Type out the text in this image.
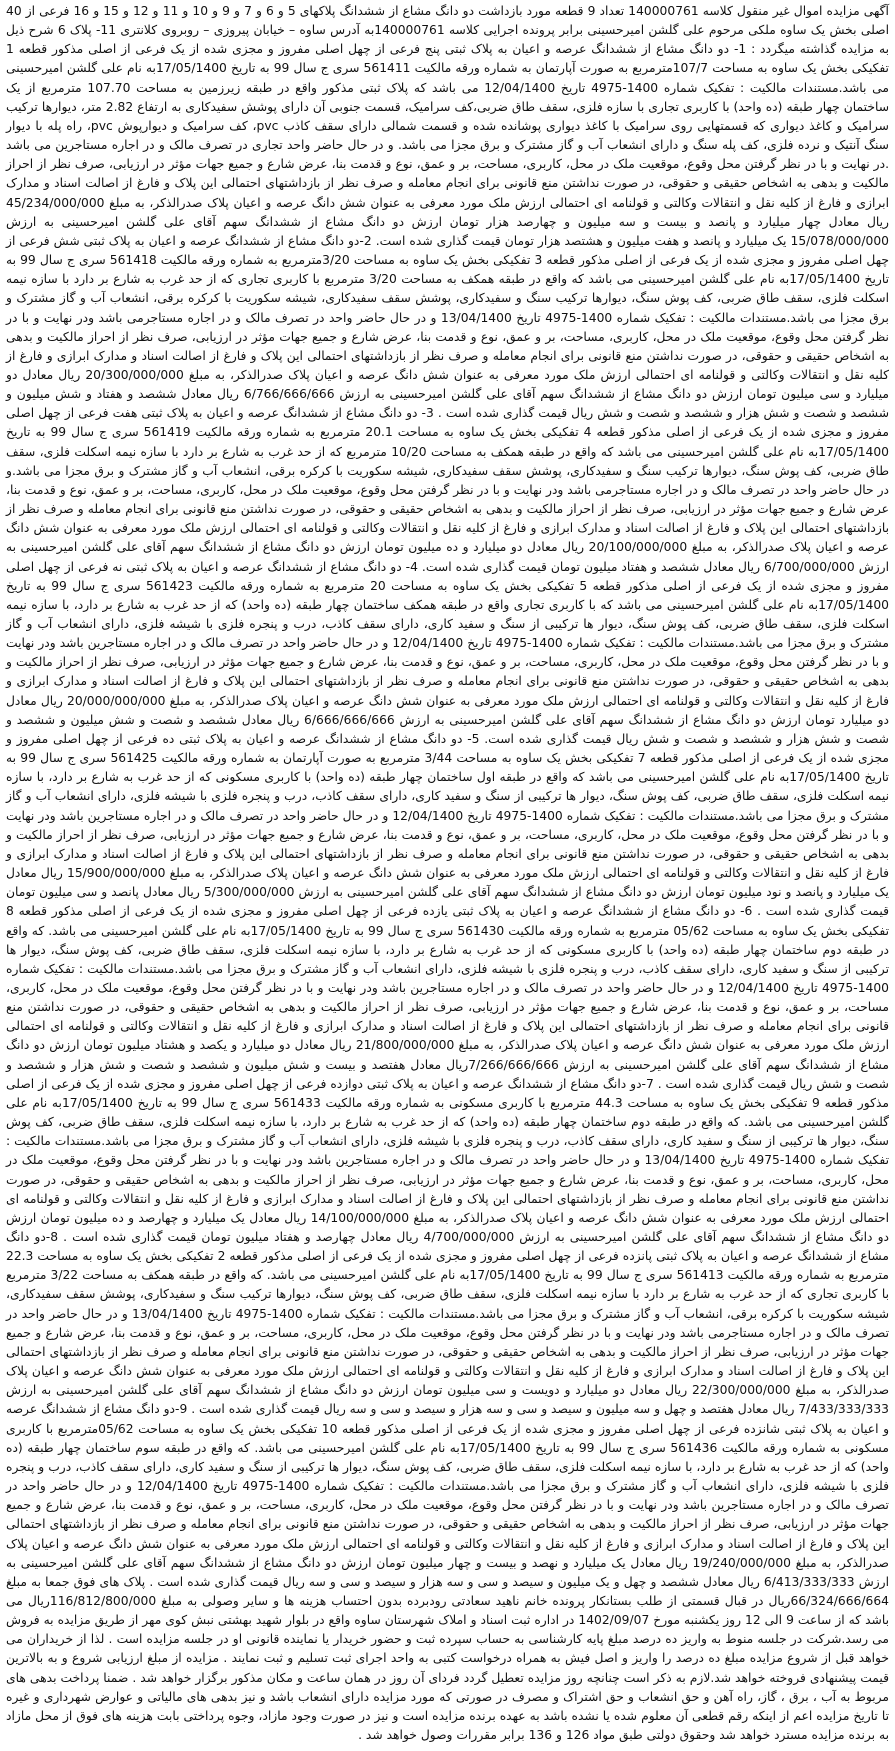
آگهی مزایده اموال غیر منقول کلاسه 140000761 تعداد 9 قطعه مورد بازداشت دو دانگ مشاع از ششدانگ پلاکهای 5 و 6 و 7 و 9 و 10 و 11 و 12 و 15 و 16 فرعی از 40 اصلی بخش یک ساوه ملکی مرحوم علی گلشن امیرحسینی برابر پرونده اجرایی کلاسه 140000761به آدرس ساوه – خیابان پیروزی – روبروی کلانتری 11- پلاک 6 شرح ذیل به مزایده گذاشته میگردد : 1- دو دانگ مشاع از ششدانگ عرصه و اعیان به پلاک ثبتی پنج فرعی از چهل اصلی مفروز و مجزی شده از یک فرعی از اصلی مذکور قطعه 1 تفکیکی بخش یک ساوه به مساحت 107/7مترمربع به صورت آپارتمان به شماره ورقه مالکیت 561411 سری ج سال 99 به تاریخ 17/05/1400به نام علی گلشن امیرحسینی می باشد.مستندات مالکیت : تفکیک شماره 1400-4975 تاریخ 12/04/1400 می باشد که پلاک ثبتی مذکور واقع در طبقه زیرزمین به مساحت 107.70 مترمربع از یک ساختمان چهار طبقه (ده واحد) با کاربری تجاری با سازه فلزی، سقف طاق ضربی،کف سرامیک، قسمت جنوبی آن دارای پوشش سفیدکاری به ارتفاع 2.82 متر، دیوارها ترکیب سرامیک و کاغذ دیواری که قسمتهایی روی سرامیک با کاغذ دیواری پوشانده شده و قسمت شمالی دارای سقف کاذب pvc، کف سرامیک و دیوارپوش pvc، راه پله با دیوار سنگ آنتیک و نرده فلزی، کف پله سنگ و دارای انشعاب آب و گاز مشترک و برق مجزا می باشد. و در حال حاضر واحد تجاری در تصرف مالک و در اجاره مستاجرین می باشد .در نهایت و با در نظر گرفتن محل وقوع، موقعیت ملک در محل، کاربری، مساحت، بر و عمق، نوع و قدمت بنا، عرض شارع و جمیع جهات مؤثر در ارزیابی، صرف نظر از احراز مالکیت و بدهی به اشخاص حقیقی و حقوقی، در صورت نداشتن منع قانونی برای انجام معامله و صرف نظر از بازداشتهای احتمالی این پلاک و فارغ از اصالت اسناد و مدارک ابرازی و فارغ از کلیه نقل و انتقالات وکالتی و قولنامه ای احتمالی ارزش ملک مورد معرفی به عنوان شش دانگ عرصه و اعیان پلاک صدرالذکر، به مبلغ 45/234/000/000 ریال معادل چهار میلیارد و پانصد و بیست و سه میلیون و چهارصد هزار تومان ارزش دو دانگ مشاع از ششدانگ سهم آقای علی گلشن امیرحسینی به ارزش 15/078/000/000 یک میلیارد و پانصد و هفت میلیون و هشتصد هزار تومان قیمت گذاری شده است. 2-دو دانگ مشاع از ششدانگ عرصه و اعیان به پلاک ثبتی شش فرعی از چهل اصلی مفروز و مجزی شده از یک فرعی از اصلی مذکور قطعه 3 تفکیکی بخش یک ساوه به مساحت 3/20مترمربع به شماره ورقه مالکیت 561418 سری ج سال 99 به تاریخ 17/05/1400به نام علی گلشن امیرحسینی می باشد که واقع در طبقه همکف به مساحت 3/20 مترمربع با کاربری تجاری که از حد غرب به شارع بر دارد با سازه نیمه اسکلت فلزی، سقف طاق ضربی، کف پوش سنگ، دیوارها ترکیب سنگ و سفیدکاری، پوشش سقف سفیدکاری، شیشه سکوریت با کرکره برقی، انشعاب آب و گاز مشترک و برق مجزا می باشد.مستندات مالکیت : تفکیک شماره 1400-4975 تاریخ 13/04/1400 و در حال حاضر واحد در تصرف مالک و در اجاره مستاجرمی باشد ودر نهایت و با در نظر گرفتن محل وقوع، موقعیت ملک در محل، کاربری، مساحت، بر و عمق، نوع و قدمت بنا، عرض شارع و جمیع جهات مؤثر در ارزیابی، صرف نظر از احراز مالکیت و بدهی به اشخاص حقیقی و حقوقی، در صورت نداشتن منع قانونی برای انجام معامله و صرف نظر از بازداشتهای احتمالی این پلاک و فارغ از اصالت اسناد و مدارک ابرازی و فارغ از کلیه نقل و انتقالات وکالتی و قولنامه ای احتمالی ارزش ملک مورد معرفی به عنوان شش دانگ عرصه و اعیان پلاک صدرالذکر، به مبلغ 20/300/000/000 ریال معادل دو میلیارد و سی میلیون تومان ارزش دو دانگ مشاع از ششدانگ سهم آقای علی گلشن امیرحسینی به ارزش 6/766/666/666 ریال معادل ششصد و هفتاد و شش میلیون و ششصد و شصت و شش هزار و ششصد و شصت و شش ریال قیمت گذاری شده است . 3- دو دانگ مشاع از ششدانگ عرصه و اعیان به پلاک ثبتی هفت فرعی از چهل اصلی مفروز و مجزی شده از یک فرعی از اصلی مذکور قطعه 4 تفکیکی بخش یک ساوه به مساحت 20.1 مترمربع به شماره ورقه مالکیت 561419 سری ج سال 99 به تاریخ 17/05/1400به نام علی گلشن امیرحسینی می باشد که واقع در طبقه همکف به مساحت 10/20 مترمربع که از حد غرب به شارع بر دارد با سازه نیمه اسکلت فلزی، سقف طاق ضربی، کف پوش سنگ، دیوارها ترکیب سنگ و سفیدکاری، پوشش سقف سفیدکاری، شیشه سکوریت با کرکره برقی، انشعاب آب و گاز مشترک و برق مجزا می باشد.و در حال حاضر واحد در تصرف مالک و در اجاره مستاجرمی باشد ودر نهایت و با در نظر گرفتن محل وقوع، موقعیت ملک در محل، کاربری، مساحت، بر و عمق، نوع و قدمت بنا، عرض شارع و جمیع جهات مؤثر در ارزیابی، صرف نظر از احراز مالکیت و بدهی به اشخاص حقیقی و حقوقی، در صورت نداشتن منع قانونی برای انجام معامله و صرف نظر از بازداشتهای احتمالی این پلاک و فارغ از اصالت اسناد و مدارک ابرازی و فارغ از کلیه نقل و انتقالات وکالتی و قولنامه ای احتمالی ارزش ملک مورد معرفی به عنوان شش دانگ عرصه و اعیان پلاک صدرالذکر، به مبلغ 20/100/000/000 ریال معادل دو میلیارد و ده میلیون تومان ارزش دو دانگ مشاع از ششدانگ سهم آقای علی گلشن امیرحسینی به ارزش 6/700/000/000 ریال معادل ششصد و هفتاد میلیون تومان قیمت گذاری شده است. 4- دو دانگ مشاع از ششدانگ عرصه و اعیان به پلاک ثبتی نه فرعی از چهل اصلی مفروز و مجزی شده از یک فرعی از اصلی مذکور قطعه 5 تفکیکی بخش یک ساوه به مساحت 20 مترمربع به شماره ورقه مالکیت 561423 سری ج سال 99 به تاریخ 17/05/1400به نام علی گلشن امیرحسینی می باشد که با کاربری تجاری واقع در طبقه همکف ساختمان چهار طبقه (ده واحد) که از حد غرب به شارع بر دارد، با سازه نیمه اسکلت فلزی، سقف طاق ضربی، کف پوش سنگ، دیوار ها ترکیبی از سنگ و سفید کاری، دارای سقف کاذب، درب و پنجره فلزی با شیشه فلزی، دارای انشعاب آب و گاز مشترک و برق مجزا می باشد.مستندات مالکیت : تفکیک شماره 1400-4975 تاریخ 12/04/1400 و در حال حاضر واحد در تصرف مالک و در اجاره مستاجرین باشد ودر نهایت و با در نظر گرفتن محل وقوع، موقعیت ملک در محل، کاربری، مساحت، بر و عمق، نوع و قدمت بنا، عرض شارع و جمیع جهات مؤثر در ارزیابی، صرف نظر از احراز مالکیت و بدهی به اشخاص حقیقی و حقوقی، در صورت نداشتن منع قانونی برای انجام معامله و صرف نظر از بازداشتهای احتمالی این پلاک و فارغ از اصالت اسناد و مدارک ابرازی و فارغ از کلیه نقل و انتقالات وکالتی و قولنامه ای احتمالی ارزش ملک مورد معرفی به عنوان شش دانگ عرصه و اعیان پلاک صدرالذکر، به مبلغ 20/000/000/000 ریال معادل دو میلیارد تومان ارزش دو دانگ مشاع از ششدانگ سهم آقای علی گلشن امیرحسینی به ارزش 6/666/666/666 ریال معادل ششصد و شصت و شش میلیون و ششصد و شصت و شش هزار و ششصد و شصت و شش ریال قیمت گذاری شده است. 5- دو دانگ مشاع از ششدانگ عرصه و اعیان به پلاک ثبتی ده فرعی از چهل اصلی مفروز و مجزی شده از یک فرعی از اصلی مذکور قطعه 7 تفکیکی بخش یک ساوه به مساحت 3/44 مترمربع به صورت آپارتمان به شماره ورقه مالکیت 561425 سری ج سال 99 به تاریخ 17/05/1400به نام علی گلشن امیرحسینی می باشد که واقع در طبقه اول ساختمان چهار طبقه (ده واحد) با کاربری مسکونی که از حد غرب به شارع بر دارد، با سازه نیمه اسکلت فلزی، سقف طاق ضربی، کف پوش سنگ، دیوار ها ترکیبی از سنگ و سفید کاری، دارای سقف کاذب، درب و پنجره فلزی با شیشه فلزی، دارای انشعاب آب و گاز مشترک و برق مجزا می باشد.مستندات مالکیت : تفکیک شماره 1400-4975 تاریخ 12/04/1400 و در حال حاضر واحد در تصرف مالک و در اجاره مستاجرین باشد ودر نهایت و با در نظر گرفتن محل وقوع، موقعیت ملک در محل، کاربری، مساحت، بر و عمق، نوع و قدمت بنا، عرض شارع و جمیع جهات مؤثر در ارزیابی، صرف نظر از احراز مالکیت و بدهی به اشخاص حقیقی و حقوقی، در صورت نداشتن منع قانونی برای انجام معامله و صرف نظر از بازداشتهای احتمالی این پلاک و فارغ از اصالت اسناد و مدارک ابرازی و فارغ از کلیه نقل و انتقالات وکالتی و قولنامه ای احتمالی ارزش ملک مورد معرفی به عنوان شش دانگ عرصه و اعیان پلاک صدرالذکر، به مبلغ 15/900/000/000 ریال معادل یک میلیارد و پانصد و نود میلیون تومان ارزش دو دانگ مشاع از ششدانگ سهم آقای علی گلشن امیرحسینی به ارزش 5/300/000/000 ریال معادل پانصد و سی میلیون تومان قیمت گذاری شده است . 6- دو دانگ مشاع از ششدانگ عرصه و اعیان به پلاک ثبتی یازده فرعی از چهل اصلی مفروز و مجزی شده از یک فرعی از اصلی مذکور قطعه 8 تفکیکی بخش یک ساوه به مساحت 05/62 مترمربع به شماره ورقه مالکیت 561430 سری ج سال 99 به تاریخ 17/05/1400به نام علی گلشن امیرحسینی می باشد. که واقع در طبقه دوم ساختمان چهار طبقه (ده واحد) با کاربری مسکونی که از حد غرب به شارع بر دارد، با سازه نیمه اسکلت فلزی، سقف طاق ضربی، کف پوش سنگ، دیوار ها ترکیبی از سنگ و سفید کاری، دارای سقف کاذب، درب و پنجره فلزی با شیشه فلزی، دارای انشعاب آب و گاز مشترک و برق مجزا می باشد.مستندات مالکیت : تفکیک شماره 1400-4975 تاریخ 12/04/1400 و در حال حاضر واحد در تصرف مالک و در اجاره مستاجرین باشد ودر نهایت و با در نظر گرفتن محل وقوع، موقعیت ملک در محل، کاربری، مساحت، بر و عمق، نوع و قدمت بنا، عرض شارع و جمیع جهات مؤثر در ارزیابی، صرف نظر از احراز مالکیت و بدهی به اشخاص حقیقی و حقوقی، در صورت نداشتن منع قانونی برای انجام معامله و صرف نظر از بازداشتهای احتمالی این پلاک و فارغ از اصالت اسناد و مدارک ابرازی و فارغ از کلیه نقل و انتقالات وکالتی و قولنامه ای احتمالی ارزش ملک مورد معرفی به عنوان شش دانگ عرصه و اعیان پلاک صدرالذکر، به مبلغ 21/800/000/000 ریال معادل دو میلیارد و یکصد و هشتاد میلیون تومان ارزش دو دانگ مشاع از ششدانگ سهم آقای علی گلشن امیرحسینی به ارزش 7/266/666/666ریال معادل هفتصد و بیست و شش میلیون و ششصد و شصت و شش هزار و ششصد و شصت و شش ریال قیمت گذاری شده است . 7-دو دانگ مشاع از ششدانگ عرصه و اعیان به پلاک ثبتی دوازده فرعی از چهل اصلی مفروز و مجزی شده از یک فرعی از اصلی مذکور قطعه 9 تفکیکی بخش یک ساوه به مساحت 44.3 مترمربع با کاربری مسکونی به شماره ورقه مالکیت 561433 سری ج سال 99 به تاریخ 17/05/1400به نام علی گلشن امیرحسینی می باشد. که واقع در طبقه دوم ساختمان چهار طبقه (ده واحد) که از حد غرب به شارع بر دارد، با سازه نیمه اسکلت فلزی، سقف طاق ضربی، کف پوش سنگ، دیوار ها ترکیبی از سنگ و سفید کاری، دارای سقف کاذب، درب و پنجره فلزی با شیشه فلزی، دارای انشعاب آب و گاز مشترک و برق مجزا می باشد.مستندات مالکیت : تفکیک شماره 1400-4975 تاریخ 13/04/1400 و در حال حاضر واحد در تصرف مالک و در اجاره مستاجرین باشد ودر نهایت و با در نظر گرفتن محل وقوع، موقعیت ملک در محل، کاربری، مساحت، بر و عمق، نوع و قدمت بنا، عرض شارع و جمیع جهات مؤثر در ارزیابی، صرف نظر از احراز مالکیت و بدهی به اشخاص حقیقی و حقوقی، در صورت نداشتن منع قانونی برای انجام معامله و صرف نظر از بازداشتهای احتمالی این پلاک و فارغ از اصالت اسناد و مدارک ابرازی و فارغ از کلیه نقل و انتقالات وکالتی و قولنامه ای احتمالی ارزش ملک مورد معرفی به عنوان شش دانگ عرصه و اعیان پلاک صدرالذکر، به مبلغ 14/100/000/000 ریال معادل یک میلیارد و چهارصد و ده میلیون تومان ارزش دو دانگ مشاع از ششدانگ سهم آقای علی گلشن امیرحسینی به ارزش 4/700/000/000 ریال معادل چهارصد و هفتاد میلیون تومان قیمت گذاری شده است . 8-دو دانگ مشاع از ششدانگ عرصه و اعیان به پلاک ثبتی پانزده فرعی از چهل اصلی مفروز و مجزی شده از یک فرعی از اصلی مذکور قطعه 2 تفکیکی بخش یک ساوه به مساحت 22.3 مترمربع به شماره ورقه مالکیت 561413 سری ج سال 99 به تاریخ 17/05/1400به نام علی گلشن امیرحسینی می باشد. که واقع در طبقه همکف به مساحت 3/22 مترمربع با کاربری تجاری که از حد غرب به شارع بر دارد با سازه نیمه اسکلت فلزی، سقف طاق ضربی، کف پوش سنگ، دیوارها ترکیب سنگ و سفیدکاری، پوشش سقف سفیدکاری، شیشه سکوریت با کرکره برقی، انشعاب آب و گاز مشترک و برق مجزا می باشد.مستندات مالکیت : تفکیک شماره 1400-4975 تاریخ 13/04/1400 و در حال حاضر واحد در تصرف مالک و در اجاره مستاجرمی باشد ودر نهایت و با در نظر گرفتن محل وقوع، موقعیت ملک در محل، کاربری، مساحت، بر و عمق، نوع و قدمت بنا، عرض شارع و جمیع جهات مؤثر در ارزیابی، صرف نظر از احراز مالکیت و بدهی به اشخاص حقیقی و حقوقی، در صورت نداشتن منع قانونی برای انجام معامله و صرف نظر از بازداشتهای احتمالی این پلاک و فارغ از اصالت اسناد و مدارک ابرازی و فارغ از کلیه نقل و انتقالات وکالتی و قولنامه ای احتمالی ارزش ملک مورد معرفی به عنوان شش دانگ عرصه و اعیان پلاک صدرالذکر، به مبلغ 22/300/000/000 ریال معادل دو میلیارد و دویست و سی میلیون تومان ارزش دو دانگ مشاع از ششدانگ سهم آقای علی گلشن امیرحسینی به ارزش 7/433/333/333 ریال معادل هفتصد و چهل و سه میلیون و سیصد و سی و سه هزار و سیصد و سی و سه ریال قیمت گذاری شده است . 9-دو دانگ مشاع از ششدانگ عرصه و اعیان به پلاک ثبتی شانزده فرعی از چهل اصلی مفروز و مجزی شده از یک فرعی از اصلی مذکور قطعه 10 تفکیکی بخش یک ساوه به مساحت 05/62مترمربع با کاربری مسکونی به شماره ورقه مالکیت 561436 سری ج سال 99 به تاریخ 17/05/1400به نام علی گلشن امیرحسینی می باشد. که واقع در طبقه سوم ساختمان چهار طبقه (ده واحد) که از حد غرب به شارع بر دارد، با سازه نیمه اسکلت فلزی، سقف طاق ضربی، کف پوش سنگ، دیوار ها ترکیبی از سنگ و سفید کاری، دارای سقف کاذب، درب و پنجره فلزی با شیشه فلزی، دارای انشعاب آب و گاز مشترک و برق مجزا می باشد.مستندات مالکیت : تفکیک شماره 1400-4975 تاریخ 12/04/1400 و در حال حاضر واحد در تصرف مالک و در اجاره مستاجرین باشد ودر نهایت و با در نظر گرفتن محل وقوع، موقعیت ملک در محل، کاربری، مساحت، بر و عمق، نوع و قدمت بنا، عرض شارع و جمیع جهات مؤثر در ارزیابی، صرف نظر از احراز مالکیت و بدهی به اشخاص حقیقی و حقوقی، در صورت نداشتن منع قانونی برای انجام معامله و صرف نظر از بازداشتهای احتمالی این پلاک و فارغ از اصالت اسناد و مدارک ابرازی و فارغ از کلیه نقل و انتقالات وکالتی و قولنامه ای احتمالی ارزش ملک مورد معرفی به عنوان شش دانگ عرصه و اعیان پلاک صدرالذکر، به مبلغ 19/240/000/000 ریال معادل یک میلیارد و نهصد و بیست و چهار میلیون تومان ارزش دو دانگ مشاع از ششدانگ سهم آقای علی گلشن امیرحسینی به ارزش 6/413/333/333 ریال معادل ششصد و چهل و یک میلیون و سیصد و سی و سه هزار و سیصد و سی و سه ریال قیمت گذاری شده است . پلاک های فوق جمعا به مبلغ 66/324/666/664ریال در قبال قسمتی از طلب بستانکار پرونده خانم ناهید سعادتی رودبرده بدون احتساب هزینه ها و سایر وصولی به مبلغ 116/812/800/000ریال می باشد که از ساعت 9 الی 12 روز یکشنبه مورخ 1402/09/07 در اداره ثبت اسناد و املاک شهرستان ساوه واقع در بلوار شهید بهشتی نبش کوی مهر از طریق مزایده به فروش می رسد.شرکت در جلسه منوط به واریز ده درصد مبلغ پایه کارشناسی به حساب سپرده ثبت و حضور خریدار یا نماینده قانونی او در جلسه مزایده است . لذا از خریداران می خواهد قبل از شروع مزایده مبلغ ده درصد را واریز و اصل فیش به همراه درخواست کتبی به واحد اجرای ثبت تسلیم و ثبت نمایند . مزایده از مبلغ ارزیابی شروع و به بالاترین قیمت پیشنهادی فروخته خواهد شد.لازم به ذکر است چنانچه روز مزایده تعطیل گردد فردای آن روز در همان ساعت و مکان مذکور برگزار خواهد شد . ضمنا پرداخت بدهی های مربوط به آب ، برق ، گاز، راه آهن و حق انشعاب و حق اشتراک و مصرف در صورتی که مورد مزایده دارای انشعاب باشد و نیز بدهی های مالیاتی و عوارض شهرداری و غیره تا تاریخ مزایده اعم از اینکه رقم قطعی آن معلوم شده یا نشده باشد به عهده برنده مزایده است و نیز در صورت وجود مازاد، وجوه پرداختی بابت هزینه های فوق از محل مازاد به برنده مزایده مسترد خواهد شد وحقوق دولتی طبق مواد 126 و 136 برابر مقررات وصول خواهد شد .
